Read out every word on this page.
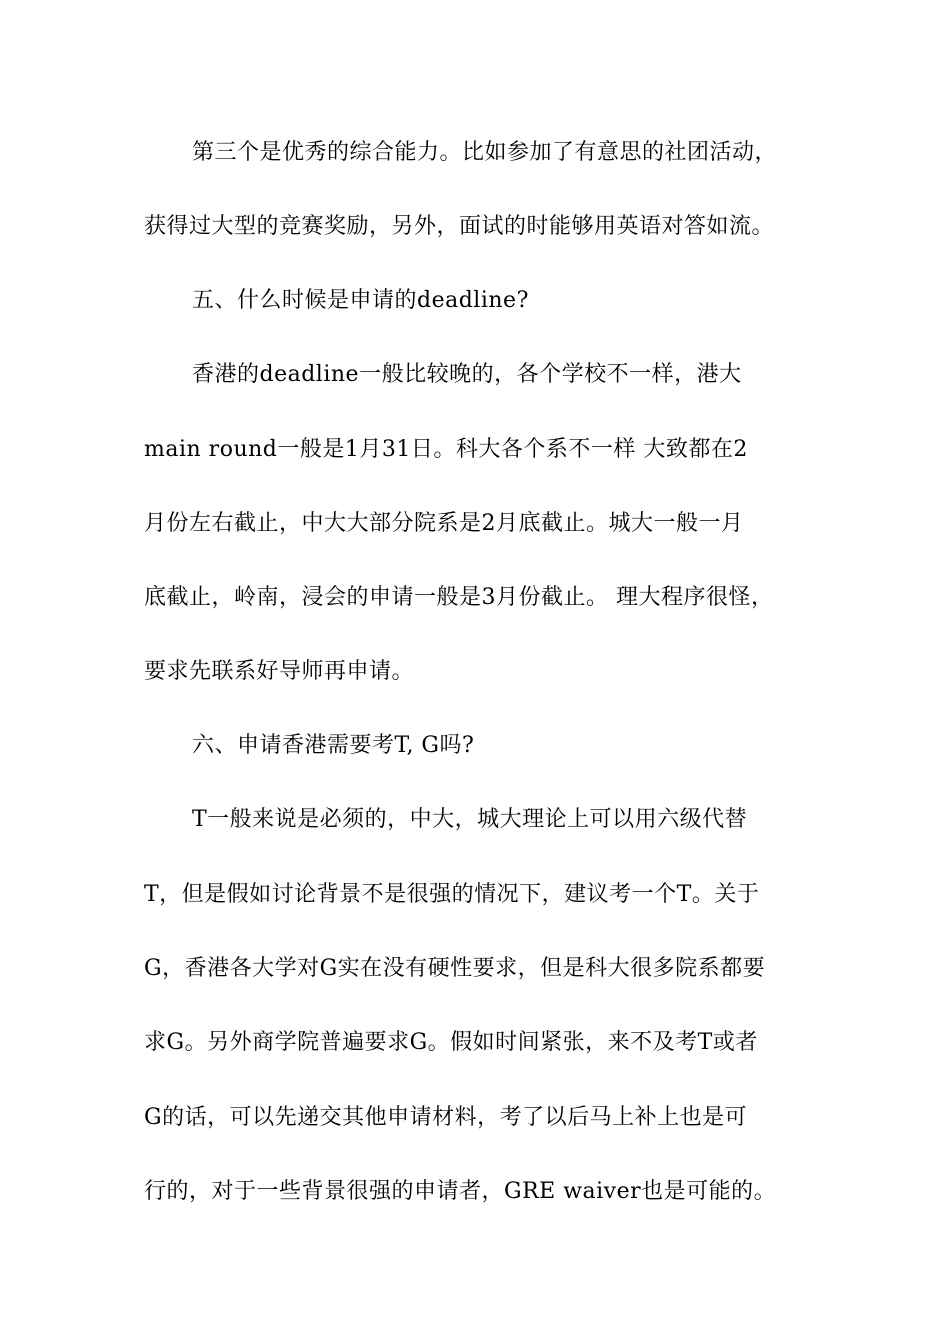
第三个是优秀的综合能力。比如参加了有意思的社团活动，
获得过大型的竞赛奖励，另外，面试的时能够用英语对答如流。
五、什么时候是申请的deadline?
香港的deadline一般比较晚的，各个学校不一样，港大
main round一般是1月31日。科大各个系不一样 大致都在2
月份左右截止，中大大部分院系是2月底截止。城大一般一月
底截止，岭南，浸会的申请一般是3月份截止。 理大程序很怪，
要求先联系好导师再申请。
六、申请香港需要考T, G吗?
T一般来说是必须的，中大，城大理论上可以用六级代替
T，但是假如讨论背景不是很强的情况下，建议考一个T。关于
G，香港各大学对G实在没有硬性要求，但是科大很多院系都要
求G。另外商学院普遍要求G。假如时间紧张，来不及考T或者
G的话，可以先递交其他申请材料，考了以后马上补上也是可
行的，对于一些背景很强的申请者，GRE waiver也是可能的。
